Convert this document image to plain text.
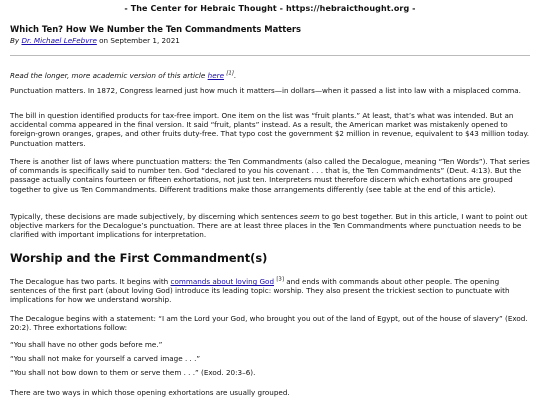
- The Center for Hebraic Thought - https://hebraicthought.org -
Which Ten? How We Number the Ten Commandments Matters
By Dr. Michael LeFebvre on September 1, 2021

Read the longer, more academic version of this article here [1].

Punctuation matters. In 1872, Congress learned just how much it matters—in dollars—when it passed a list into law with a misplaced comma.

The bill in question identified products for tax-free import. One item on the list was “fruit plants.” At least, that’s what was intended. But an accidental comma appeared in the final version. It said “fruit, plants” instead. As a result, the American market was mistakenly opened to foreign-grown oranges, grapes, and other fruits duty-free. That typo cost the government $2 million in revenue, equivalent to $43 million today. Punctuation matters.

There is another list of laws where punctuation matters: the Ten Commandments (also called the Decalogue, meaning “Ten Words”). That series of commands is specifically said to number ten. God “declared to you his covenant . . . that is, the Ten Commandments” (Deut. 4:13). But the passage actually contains fourteen or fifteen exhortations, not just ten. Interpreters must therefore discern which exhortations are grouped together to give us Ten Commandments. Different traditions make those arrangements differently (see table at the end of this article).

Typically, these decisions are made subjectively, by discerning which sentences seem to go best together. But in this article, I want to point out objective markers for the Decalogue’s punctuation. There are at least three places in the Ten Commandments where punctuation needs to be clarified with important implications for interpretation.

Worship and the First Commandment(s)

The Decalogue has two parts. It begins with commands about loving God [3] and ends with commands about other people. The opening sentences of the first part (about loving God) introduce its leading topic: worship. They also present the trickiest section to punctuate with implications for how we understand worship.

The Decalogue begins with a statement: “I am the Lord your God, who brought you out of the land of Egypt, out of the house of slavery” (Exod. 20:2). Three exhortations follow:

“You shall have no other gods before me.”

“You shall not make for yourself a carved image . . .”

“You shall not bow down to them or serve them . . .” (Exod. 20:3–6).

There are two ways in which those opening exhortations are usually grouped.
